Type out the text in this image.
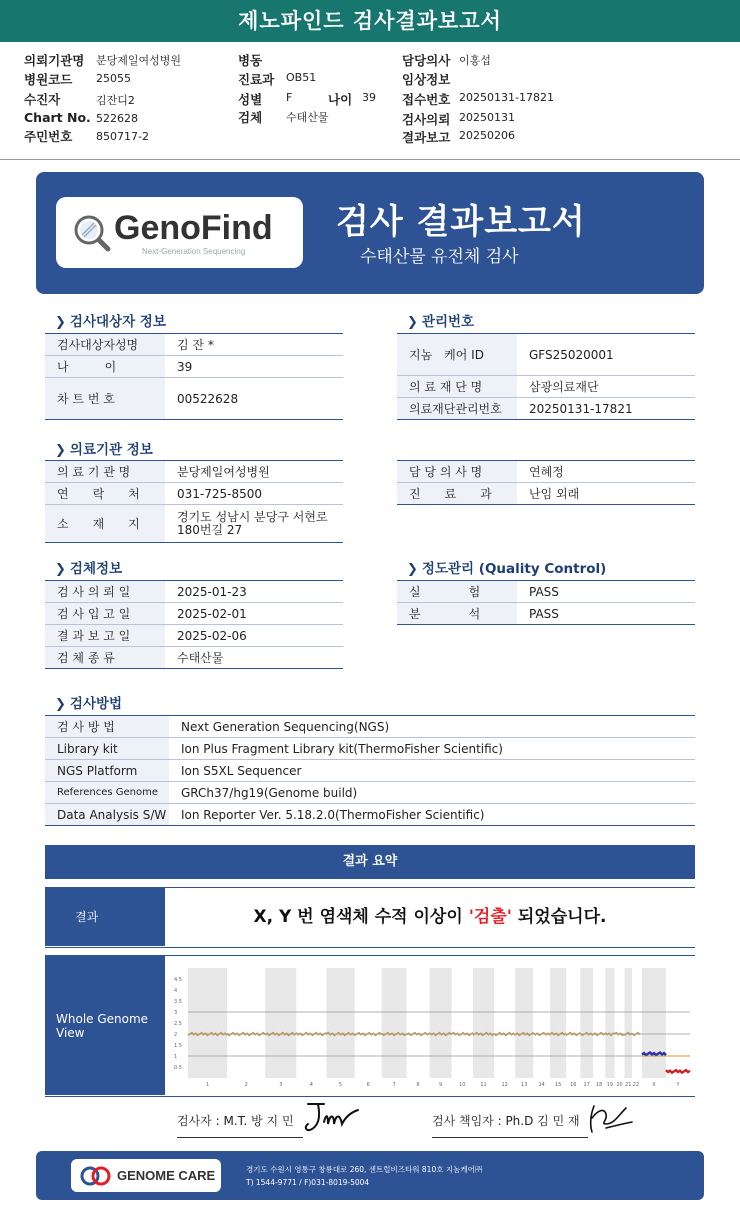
제노파인드 검사결과보고서
의뢰기관명 분당제일여성병원
병원코드 25055
수진자	김잔디2
Chart No. 522628
주민번호 850717-2
병동
진료과 OB51
성별 F	나이 39
검체 수태산물
담당의사 이홍섭
임상정보
접수번호 20250131-17821
검사의뢰 20250131
결과보고 20250206
GenoFind
Next-Generation Sequencing
검사 결과보고서
수태산물 유전체 검사
❯ 검사대상자 정보
검사대상자성명	김 잔 *
나　　　이	39
차 트 번 호	00522628
❯ 관리번호
지놈　케어 ID	GFS25020001
의 료 재 단 명	삼광의료재단
의료재단관리번호	20250131-17821
❯ 의료기관 정보
의 료 기 관 명	분당제일여성병원
연　　락　　처	031-725-8500
소　　재　　지	경기도 성남시 분당구 서현로 180번길 27
담 당 의 사 명	연혜정
진　　료　　과	난임 외래
❯ 검체정보
검 사 의 뢰 일	2025-01-23
검 사 입 고 일	2025-02-01
결 과 보 고 일	2025-02-06
검 체 종 류	수태산물
❯ 정도관리 (Quality Control)
실　　　　험	PASS
분　　　　석	PASS
❯ 검사방법
검 사 방 법	Next Generation Sequencing(NGS)
Library kit	Ion Plus Fragment Library kit(ThermoFisher Scientific)
NGS Platform	Ion S5XL Sequencer
References Genome	GRCh37/hg19(Genome build)
Data Analysis S/W	Ion Reporter Ver. 5.18.2.0(ThermoFisher Scientific)
결과 요약
결과	X, Y 번 염색체 수적 이상이 '검출' 되었습니다.
Whole Genome View
4.5
4
3.5
3
2.5
2
1.5
1
0.5
1	2	3	4	5	6	7	8	9	10	11	12	13 14 15 16 17 18 19 20 21 22	X	Y
검사자 : M.T. 방 지 민	검사 책임자 : Ph.D 김 민 재
GENOME CARE	경기도 수원시 영통구 창룡대로 260, 센트럴비즈타워 810호 지놈케어㈜
T) 1544-9771 / F)031-8019-5004
